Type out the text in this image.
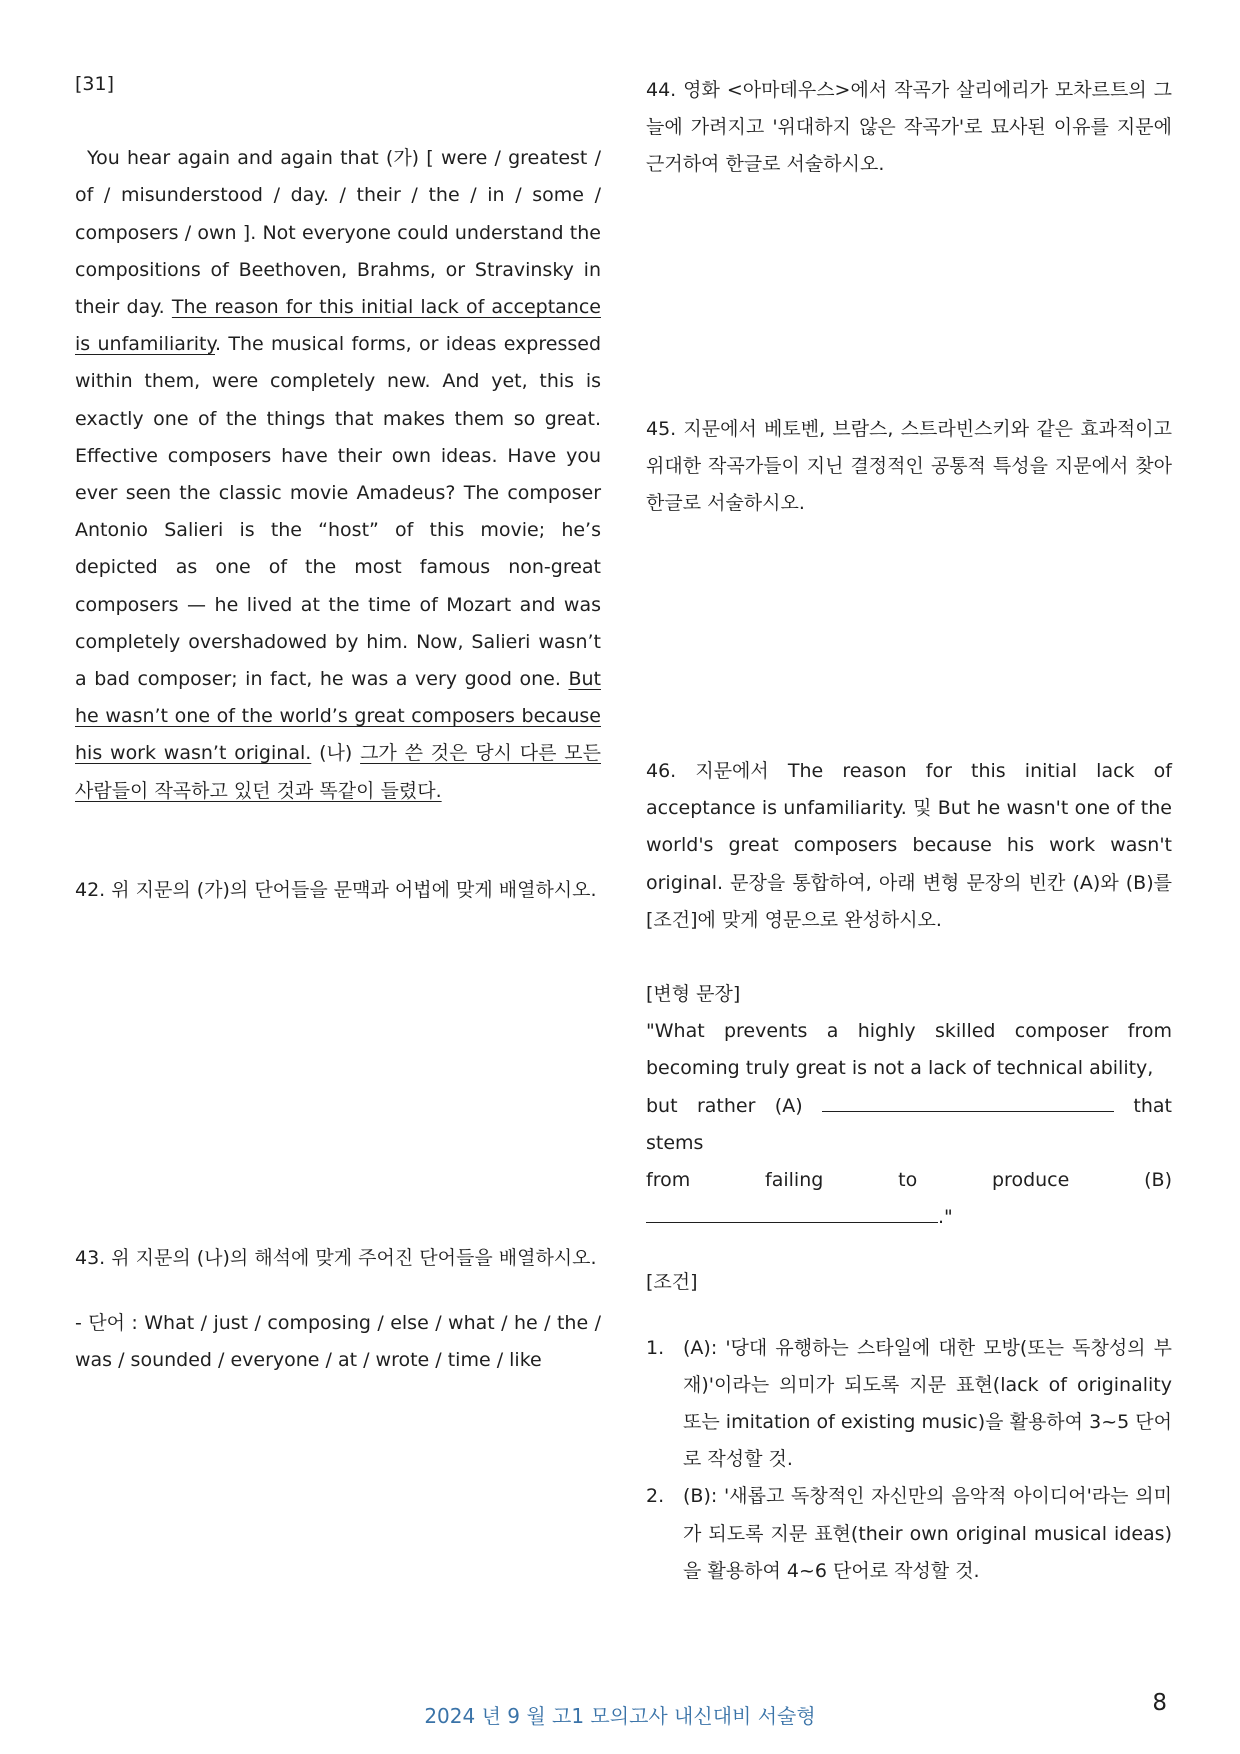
[31]

You hear again and again that (가) [ were / greatest / of / misunderstood / day. / their / the / in / some / composers / own ]. Not everyone could understand the compositions of Beethoven, Brahms, or Stravinsky in their day. The reason for this initial lack of acceptance is unfamiliarity. The musical forms, or ideas expressed within them, were completely new. And yet, this is exactly one of the things that makes them so great. Effective composers have their own ideas. Have you ever seen the classic movie Amadeus? The composer Antonio Salieri is the “host” of this movie; he’s depicted as one of the most famous non-great composers — he lived at the time of Mozart and was completely overshadowed by him. Now, Salieri wasn’t a bad composer; in fact, he was a very good one. But he wasn’t one of the world’s great composers because his work wasn’t original. (나) 그가 쓴 것은 당시 다른 모든 사람들이 작곡하고 있던 것과 똑같이 들렸다.

42. 위 지문의 (가)의 단어들을 문맥과 어법에 맞게 배열하시오.

43. 위 지문의 (나)의 해석에 맞게 주어진 단어들을 배열하시오.

- 단어 : What / just / composing / else / what / he / the / was / sounded / everyone / at / wrote / time / like

44. 영화 <아마데우스>에서 작곡가 살리에리가 모차르트의 그늘에 가려지고 '위대하지 않은 작곡가'로 묘사된 이유를 지문에 근거하여 한글로 서술하시오.

45. 지문에서 베토벤, 브람스, 스트라빈스키와 같은 효과적이고 위대한 작곡가들이 지닌 결정적인 공통적 특성을 지문에서 찾아 한글로 서술하시오.

46. 지문에서 The reason for this initial lack of acceptance is unfamiliarity. 및 But he wasn't one of the world's great composers because his work wasn't original. 문장을 통합하여, 아래 변형 문장의 빈칸 (A)와 (B)를 [조건]에 맞게 영문으로 완성하시오.

[변형 문장]

"What prevents a highly skilled composer from becoming truly great is not a lack of technical ability,

but rather (A)	that stems

from failing to produce (B)

."

[조건]

1. (A): '당대 유행하는 스타일에 대한 모방(또는 독창성의 부재)'이라는 의미가 되도록 지문 표현(lack of originality 또는 imitation of existing music)을 활용하여 3~5 단어로 작성할 것.
2. (B): '새롭고 독창적인 자신만의 음악적 아이디어'라는 의미가 되도록 지문 표현(their own original musical ideas)을 활용하여 4~6 단어로 작성할 것.
2024 년 9 월 고1 모의고사 내신대비 서술형	8
